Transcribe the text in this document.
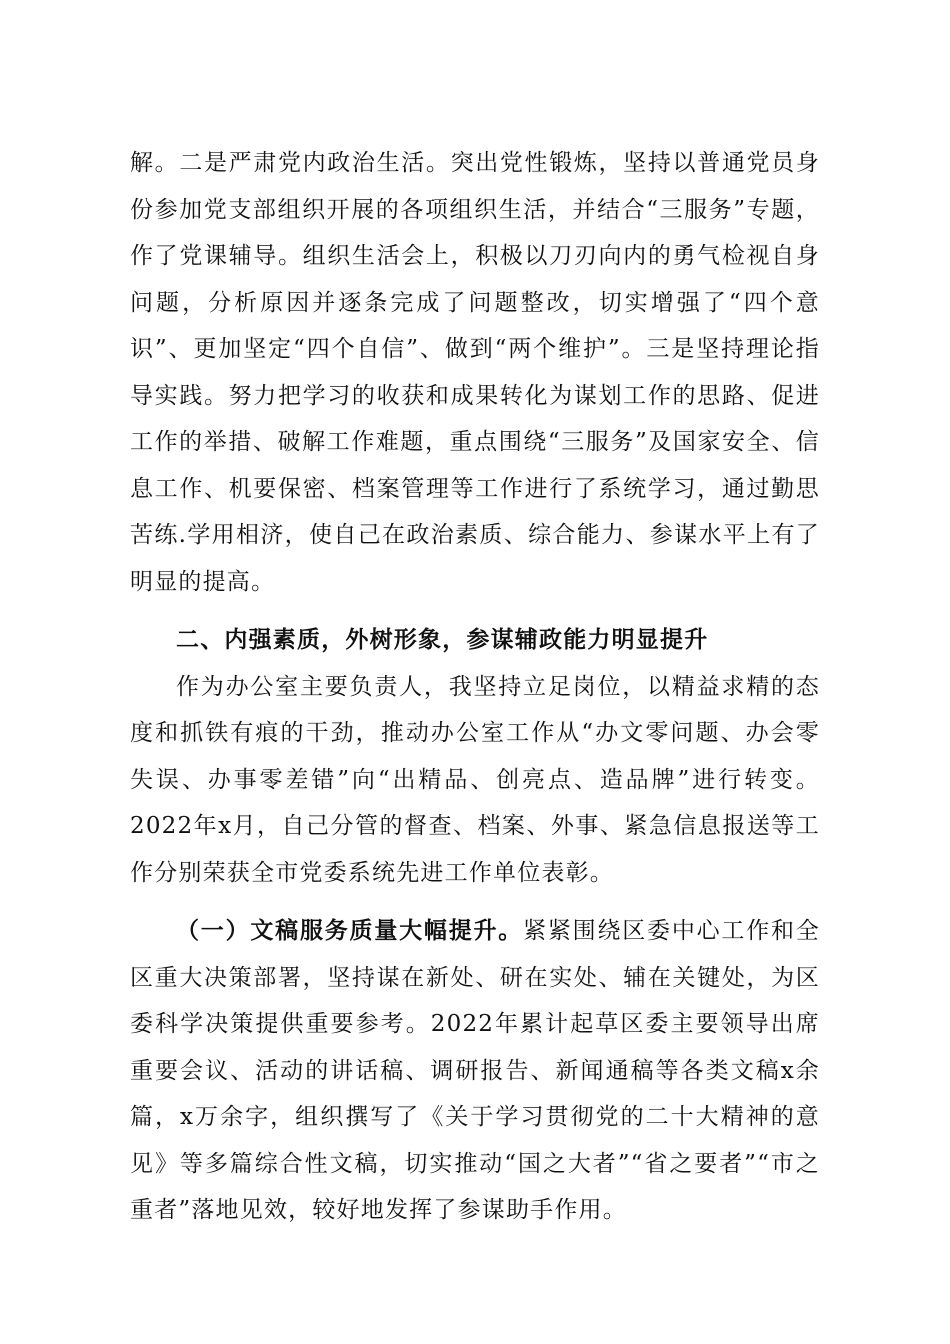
解。二是严肃党内政治生活。突出党性锻炼，坚持以普通党员身份参加党支部组织开展的各项组织生活，并结合“三服务”专题，作了党课辅导。组织生活会上，积极以刀刃向内的勇气检视自身问题，分析原因并逐条完成了问题整改，切实增强了“四个意识”、更加坚定“四个自信”、做到“两个维护”。三是坚持理论指导实践。努力把学习的收获和成果转化为谋划工作的思路、促进工作的举措、破解工作难题，重点围绕“三服务”及国家安全、信息工作、机要保密、档案管理等工作进行了系统学习，通过勤思苦练.学用相济，使自己在政治素质、综合能力、参谋水平上有了明显的提高。

二、内强素质，外树形象，参谋辅政能力明显提升

作为办公室主要负责人，我坚持立足岗位，以精益求精的态度和抓铁有痕的干劲，推动办公室工作从“办文零问题、办会零失误、办事零差错”向“出精品、创亮点、造品牌”进行转变。2022年x月，自己分管的督查、档案、外事、紧急信息报送等工作分别荣获全市党委系统先进工作单位表彰。

（一）文稿服务质量大幅提升。紧紧围绕区委中心工作和全区重大决策部署，坚持谋在新处、研在实处、辅在关键处，为区委科学决策提供重要参考。2022年累计起草区委主要领导出席重要会议、活动的讲话稿、调研报告、新闻通稿等各类文稿x余篇，x万余字，组织撰写了《关于学习贯彻党的二十大精神的意见》等多篇综合性文稿，切实推动“国之大者”“省之要者”“市之重者”落地见效，较好地发挥了参谋助手作用。
